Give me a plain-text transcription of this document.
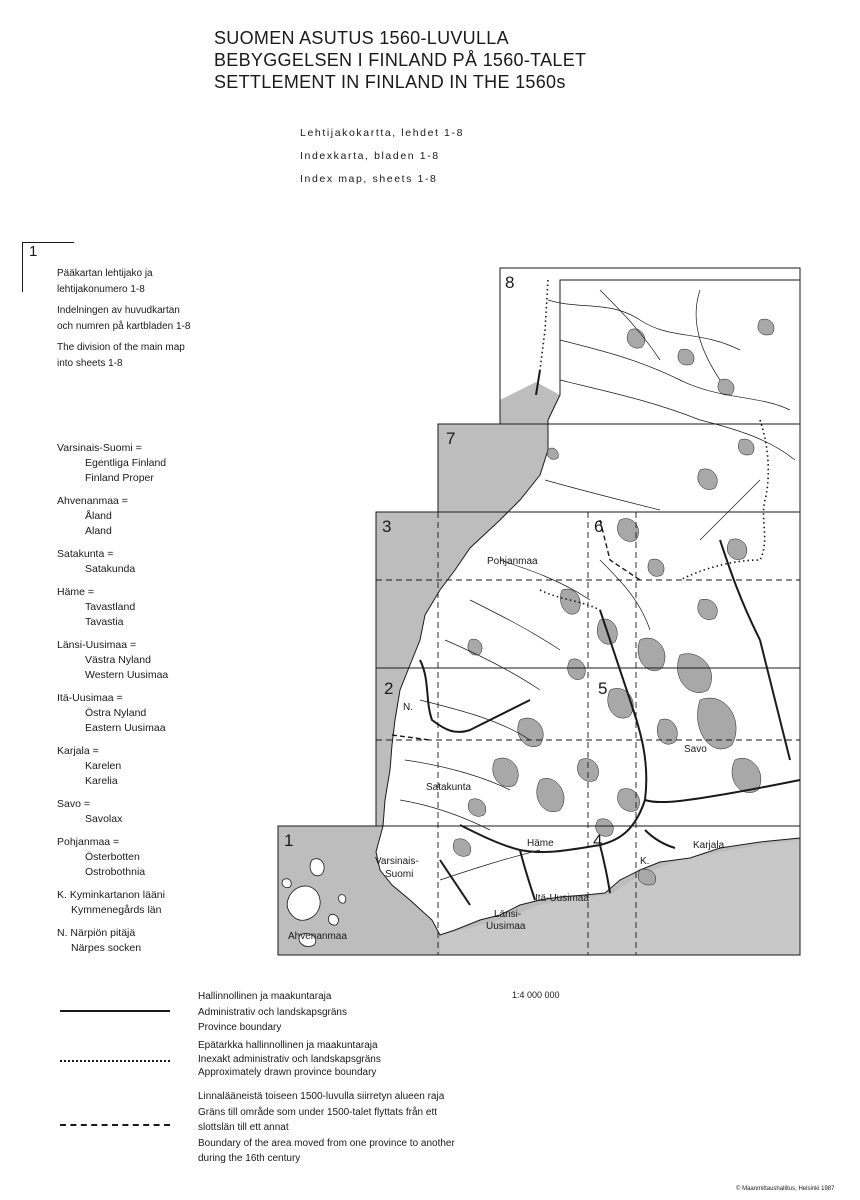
SUOMEN ASUTUS 1560-LUVULLA
BEBYGGELSEN I FINLAND PÅ 1560-TALET
SETTLEMENT IN FINLAND IN THE 1560s
Lehtijakokartta, lehdet 1-8
Indexkarta, bladen 1-8
Index map, sheets 1-8
1
Pääkartan lehtijako ja
lehtijakonumero 1-8
Indelningen av huvudkartan
och numren på kartbladen 1-8
The division of the main map
into sheets 1-8
Varsinais-Suomi =
Egentliga Finland
Finland Proper
Ahvenanmaa =
Åland
Aland
Satakunta =
Satakunda
Häme =
Tavastland
Tavastia
Länsi-Uusimaa =
Västra Nyland
Western Uusimaa
Itä-Uusimaa =
Östra Nyland
Eastern Uusimaa
Karjala =
Karelen
Karelia
Savo =
Savolax
Pohjanmaa =
Österbotten
Ostrobothnia
K. Kyminkartanon lääni
Kymmenegårds län
N. Närpiön pitäjä
Närpes socken
1
2
3
4
5
6
7
8
Pohjanmaa
N.
Savo
Satakunta
Häme	Karjala
K.
Varsinais-
Suomi
Itä-Uusimaa
Länsi-
Uusimaa
Ahvenanmaa
Hallinnollinen ja maakuntaraja
Administrativ och landskapsgräns
Province boundary
Epätarkka hallinnollinen ja maakuntaraja
Inexakt administrativ och landskapsgräns
Approximately drawn province boundary
Linnalääneistä toiseen 1500-luvulla siirretyn alueen raja
Gräns till område som under 1500-talet flyttats från ett
slottslän till ett annat
Boundary of the area moved from one province to another
during the 16th century
1:4 000 000
© Maanmittaushallitus, Helsinki 1987
